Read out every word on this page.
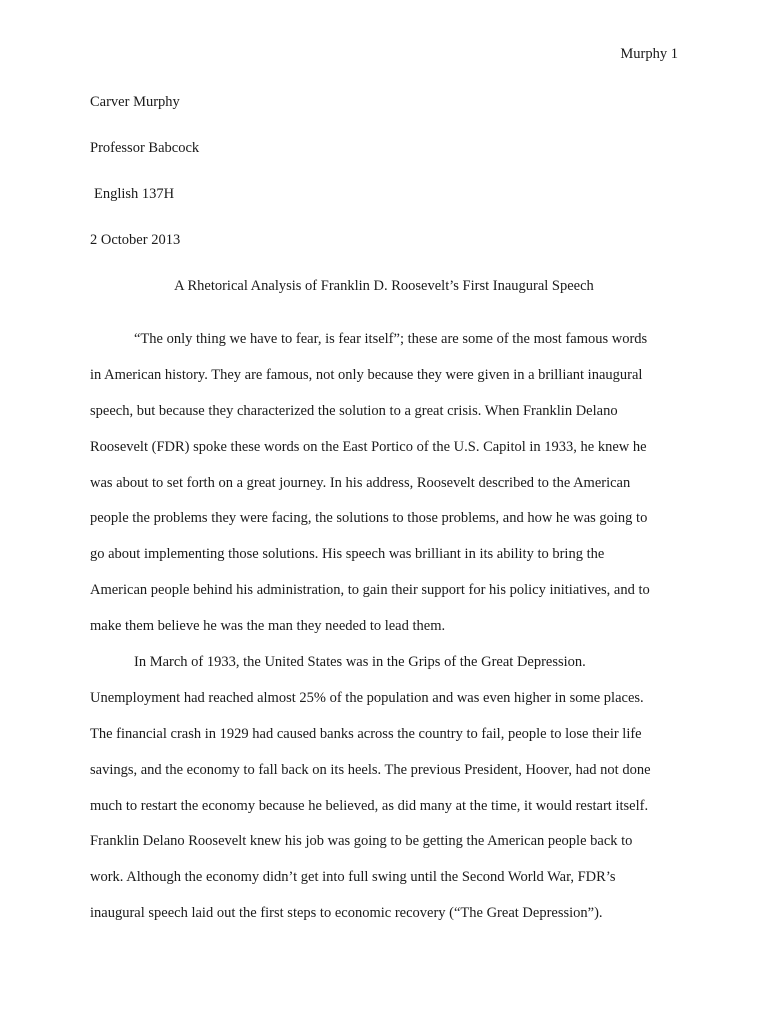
Murphy 1
Carver Murphy
Professor Babcock
English 137H
2 October 2013
A Rhetorical Analysis of Franklin D. Roosevelt’s First Inaugural Speech

“The only thing we have to fear, is fear itself”; these are some of the most famous words
in American history. They are famous, not only because they were given in a brilliant inaugural
speech, but because they characterized the solution to a great crisis. When Franklin Delano
Roosevelt (FDR) spoke these words on the East Portico of the U.S. Capitol in 1933, he knew he
was about to set forth on a great journey. In his address, Roosevelt described to the American
people the problems they were facing, the solutions to those problems, and how he was going to
go about implementing those solutions. His speech was brilliant in its ability to bring the
American people behind his administration, to gain their support for his policy initiatives, and to
make them believe he was the man they needed to lead them.

In March of 1933, the United States was in the Grips of the Great Depression.
Unemployment had reached almost 25% of the population and was even higher in some places.
The financial crash in 1929 had caused banks across the country to fail, people to lose their life
savings, and the economy to fall back on its heels. The previous President, Hoover, had not done
much to restart the economy because he believed, as did many at the time, it would restart itself.
Franklin Delano Roosevelt knew his job was going to be getting the American people back to
work. Although the economy didn’t get into full swing until the Second World War, FDR’s
inaugural speech laid out the first steps to economic recovery (“The Great Depression”).
